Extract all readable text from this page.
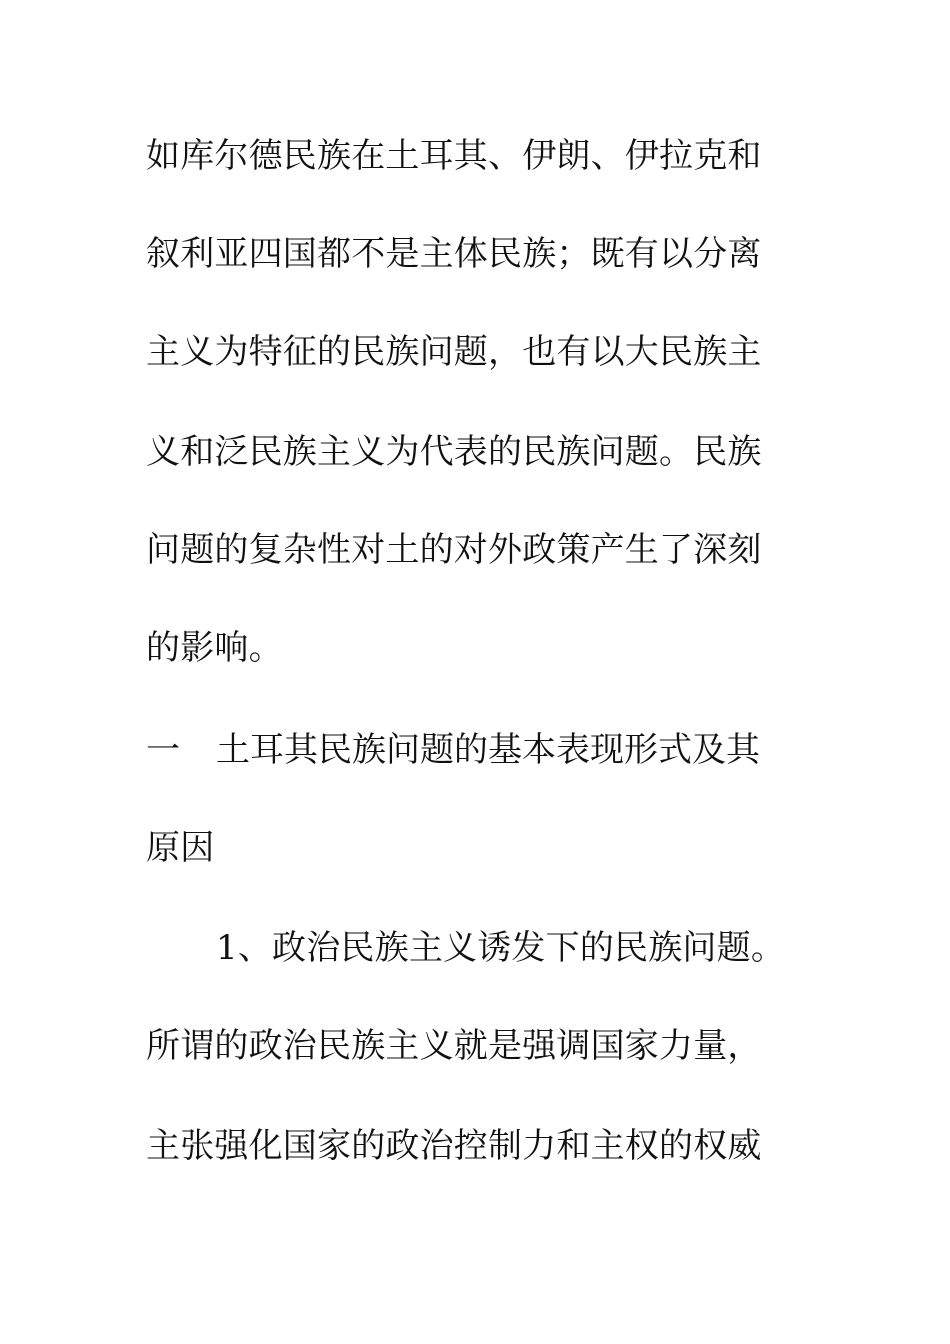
如库尔德民族在土耳其、伊朗、伊拉克和
叙利亚四国都不是主体民族；既有以分离
主义为特征的民族问题，也有以大民族主
义和泛民族主义为代表的民族问题。民族
问题的复杂性对土的对外政策产生了深刻
的影响。
一 土耳其民族问题的基本表现形式及其
原因
1、政治民族主义诱发下的民族问题。
所谓的政治民族主义就是强调国家力量，
主张强化国家的政治控制力和主权的权威
